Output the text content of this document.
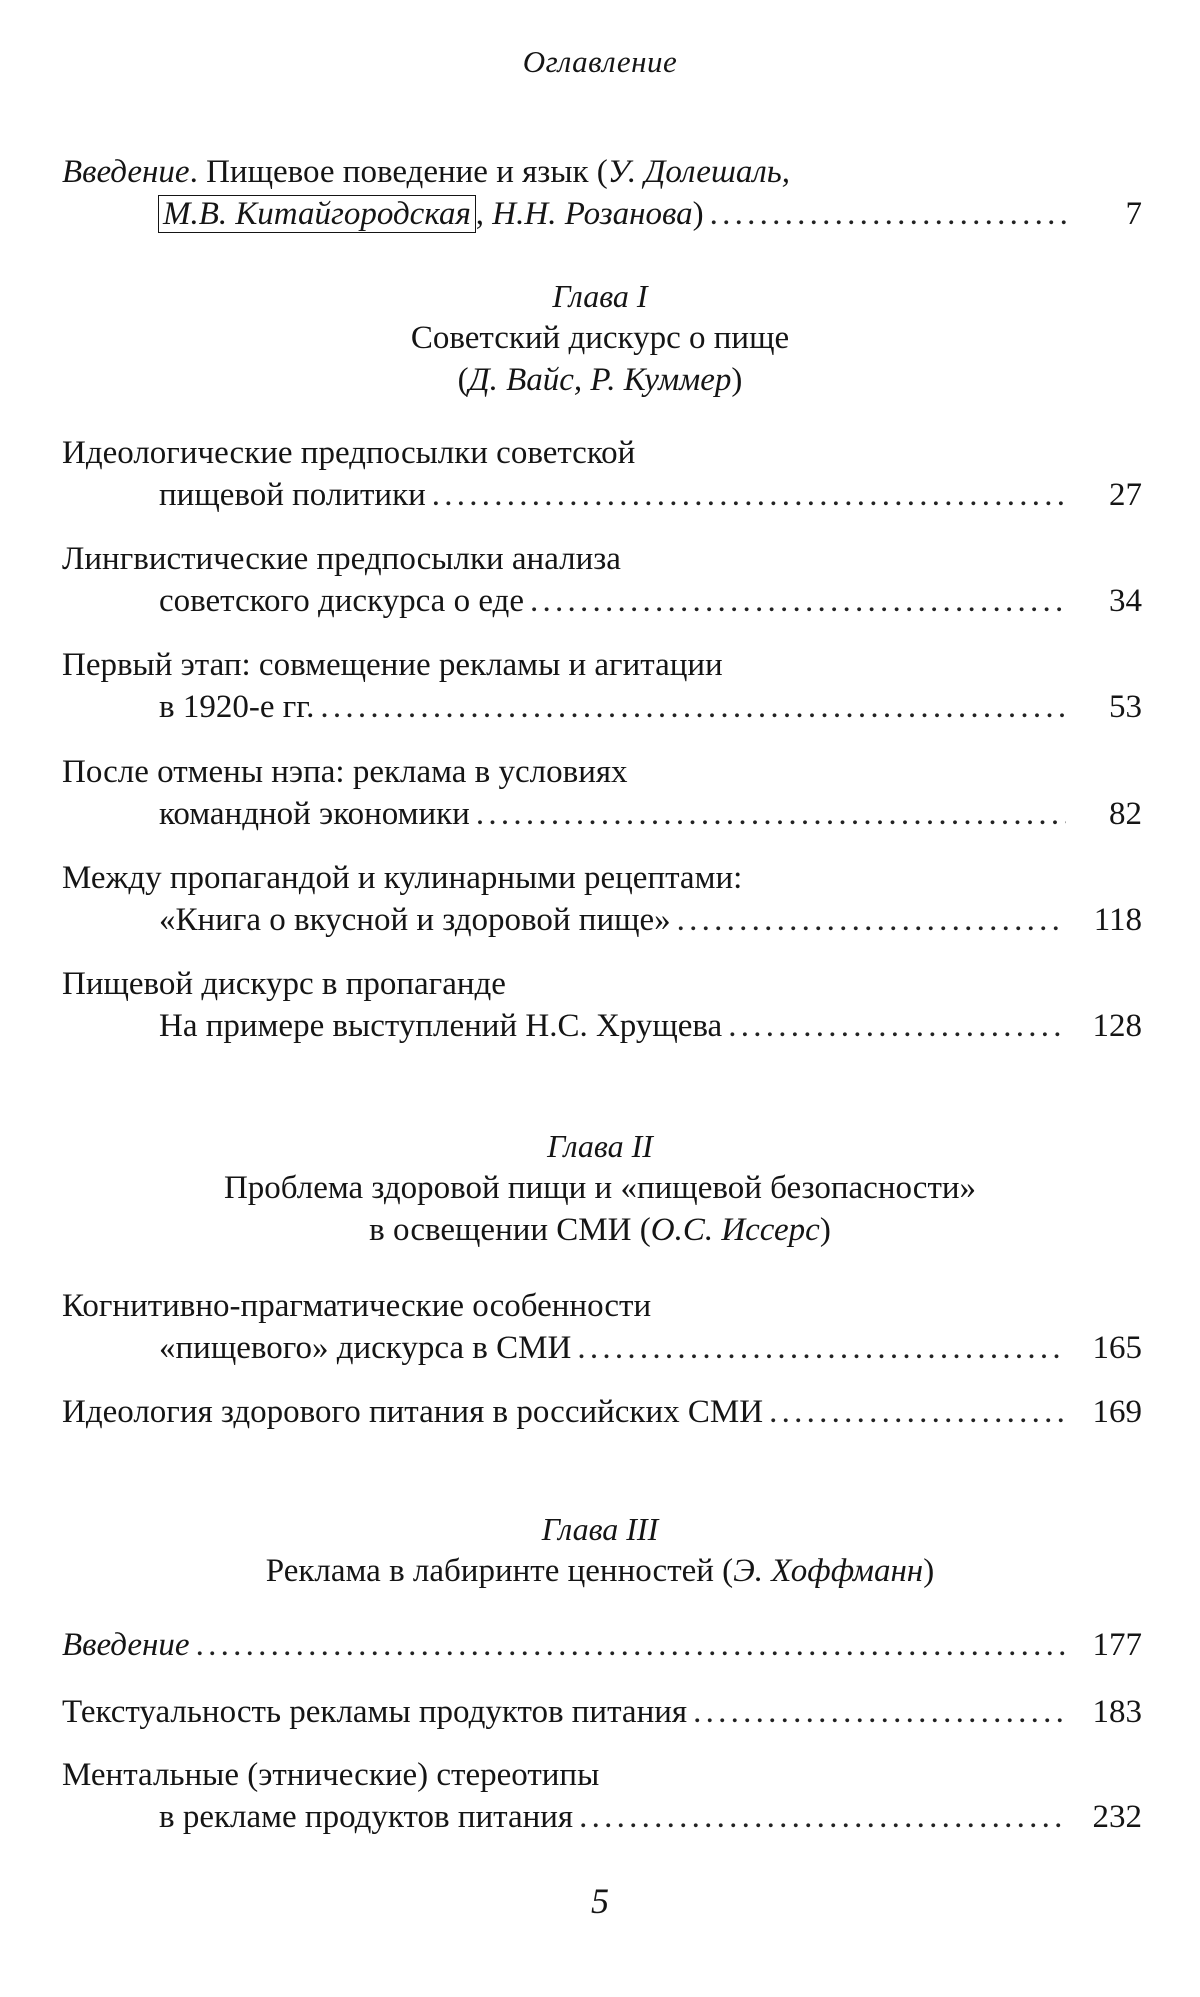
Оглавление
Введение. Пищевое поведение и язык (У. Долешаль,
М.В. Китайгородская , Н.Н. Розанова) . . .	7
Глава I
Советский дискурс о пище
(Д. Вайс, Р. Куммер)
Идеологические предпосылки советской
пищевой политики . . .	27
Лингвистические предпосылки анализа
советского дискурса о еде . . .	34
Первый этап: совмещение рекламы и агитации
в 1920-е гг. . . .	53
После отмены нэпа: реклама в условиях
командной экономики . . .	82
Между пропагандой и кулинарными рецептами:
«Книга о вкусной и здоровой пище» . . .	118
Пищевой дискурс в пропаганде
На примере выступлений Н.С. Хрущева . . .	128
Глава II
Проблема здоровой пищи и «пищевой безопасности»
в освещении СМИ (О.С. Иссерс)
Когнитивно-прагматические особенности
«пищевого» дискурса в СМИ . . .	165
Идеология здорового питания в российских СМИ . . .	169
Глава III
Реклама в лабиринте ценностей (Э. Хоффманн)
Введение . . .	177
Текстуальность рекламы продуктов питания . . .	183
Ментальные (этнические) стереотипы
в рекламе продуктов питания . . .	232
5
